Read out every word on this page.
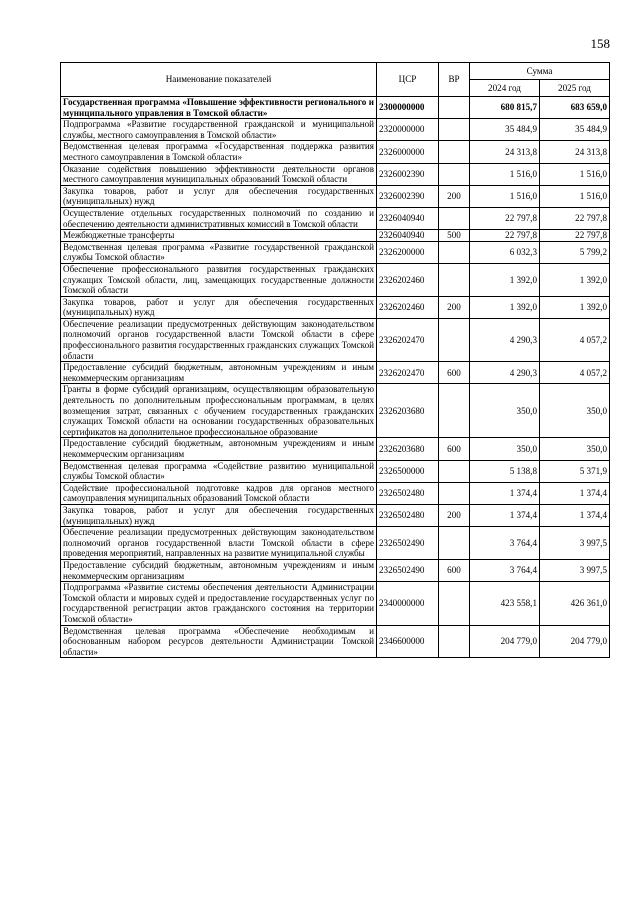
158
Наименование показателей	ЦСР	ВР	Сумма	
			2024 год	2025 год
Государственная программа «Повышение эффективности регионального и муниципального управления в Томской области»	2300000000		680 815,7	683 659,0
Подпрограмма «Развитие государственной гражданской и муниципальной службы, местного самоуправления в Томской области»	2320000000		35 484,9	35 484,9
Ведомственная целевая программа «Государственная поддержка развития местного самоуправления в Томской области»	2326000000		24 313,8	24 313,8
Оказание содействия повышению эффективности деятельности органов местного самоуправления муниципальных образований Томской области	2326002390		1 516,0	1 516,0
Закупка товаров, работ и услуг для обеспечения государственных (муниципальных) нужд	2326002390	200	1 516,0	1 516,0
Осуществление отдельных государственных полномочий по созданию и обеспечению деятельности административных комиссий в Томской области	2326040940		22 797,8	22 797,8
Межбюджетные трансферты	2326040940	500	22 797,8	22 797,8
Ведомственная целевая программа «Развитие государственной гражданской службы Томской области»	2326200000		6 032,3	5 799,2
Обеспечение профессионального развития государственных гражданских служащих Томской области, лиц, замещающих государственные должности Томской области	2326202460		1 392,0	1 392,0
Закупка товаров, работ и услуг для обеспечения государственных (муниципальных) нужд	2326202460	200	1 392,0	1 392,0
Обеспечение реализации предусмотренных действующим законодательством полномочий органов государственной власти Томской области в сфере профессионального развития государственных гражданских служащих Томской области	2326202470		4 290,3	4 057,2
Предоставление субсидий бюджетным, автономным учреждениям и иным некоммерческим организациям	2326202470	600	4 290,3	4 057,2
Гранты в форме субсидий организациям, осуществляющим образовательную деятельность по дополнительным профессиональным программам, в целях возмещения затрат, связанных с обучением государственных гражданских служащих Томской области на основании государственных образовательных сертификатов на дополнительное профессиональное образование	2326203680		350,0	350,0
Предоставление субсидий бюджетным, автономным учреждениям и иным некоммерческим организациям	2326203680	600	350,0	350,0
Ведомственная целевая программа «Содействие развитию муниципальной службы Томской области»	2326500000		5 138,8	5 371,9
Содействие профессиональной подготовке кадров для органов местного самоуправления муниципальных образований Томской области	2326502480		1 374,4	1 374,4
Закупка товаров, работ и услуг для обеспечения государственных (муниципальных) нужд	2326502480	200	1 374,4	1 374,4
Обеспечение реализации предусмотренных действующим законодательством полномочий органов государственной власти Томской области в сфере проведения мероприятий, направленных на развитие муниципальной службы	2326502490		3 764,4	3 997,5
Предоставление субсидий бюджетным, автономным учреждениям и иным некоммерческим организациям	2326502490	600	3 764,4	3 997,5
Подпрограмма «Развитие системы обеспечения деятельности Администрации Томской области и мировых судей и предоставление государственных услуг по государственной регистрации актов гражданского состояния на территории Томской области»	2340000000		423 558,1	426 361,0
Ведомственная целевая программа «Обеспечение необходимым и обоснованным набором ресурсов деятельности Администрации Томской области»	2346600000		204 779,0	204 779,0
